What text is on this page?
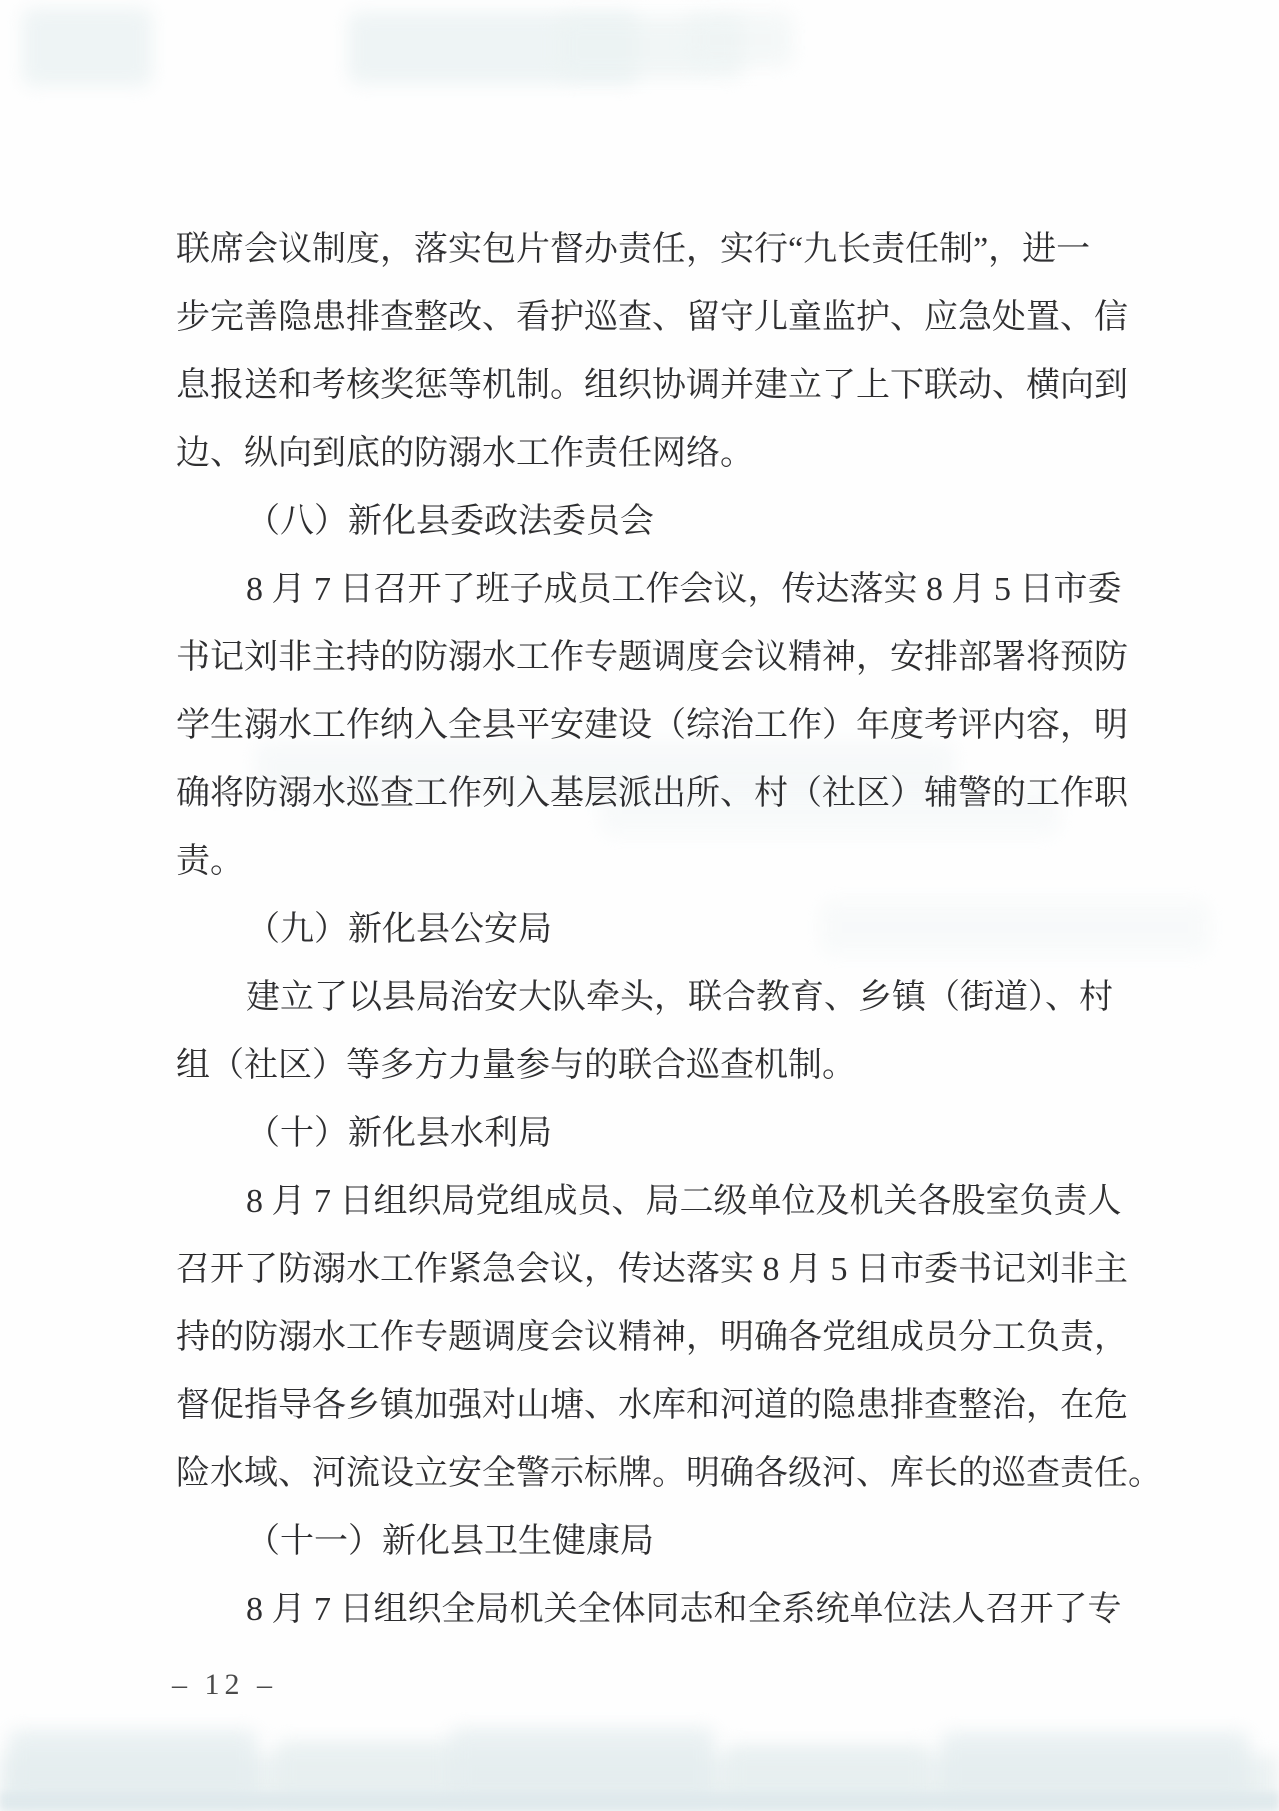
联席会议制度，落实包片督办责任，实行“九长责任制”，进一
步完善隐患排查整改、看护巡查、留守儿童监护、应急处置、信
息报送和考核奖惩等机制。组织协调并建立了上下联动、横向到
边、纵向到底的防溺水工作责任网络。
（八）新化县委政法委员会
8 月 7 日召开了班子成员工作会议，传达落实 8 月 5 日市委
书记刘非主持的防溺水工作专题调度会议精神，安排部署将预防
学生溺水工作纳入全县平安建设（综治工作）年度考评内容，明
确将防溺水巡查工作列入基层派出所、村（社区）辅警的工作职
责。
（九）新化县公安局
建立了以县局治安大队牵头，联合教育、乡镇（街道）、村
组（社区）等多方力量参与的联合巡查机制。
（十）新化县水利局
8 月 7 日组织局党组成员、局二级单位及机关各股室负责人
召开了防溺水工作紧急会议，传达落实 8 月 5 日市委书记刘非主
持的防溺水工作专题调度会议精神，明确各党组成员分工负责，
督促指导各乡镇加强对山塘、水库和河道的隐患排查整治，在危
险水域、河流设立安全警示标牌。明确各级河、库长的巡查责任。
（十一）新化县卫生健康局
8 月 7 日组织全局机关全体同志和全系统单位法人召开了专
– 12 –
